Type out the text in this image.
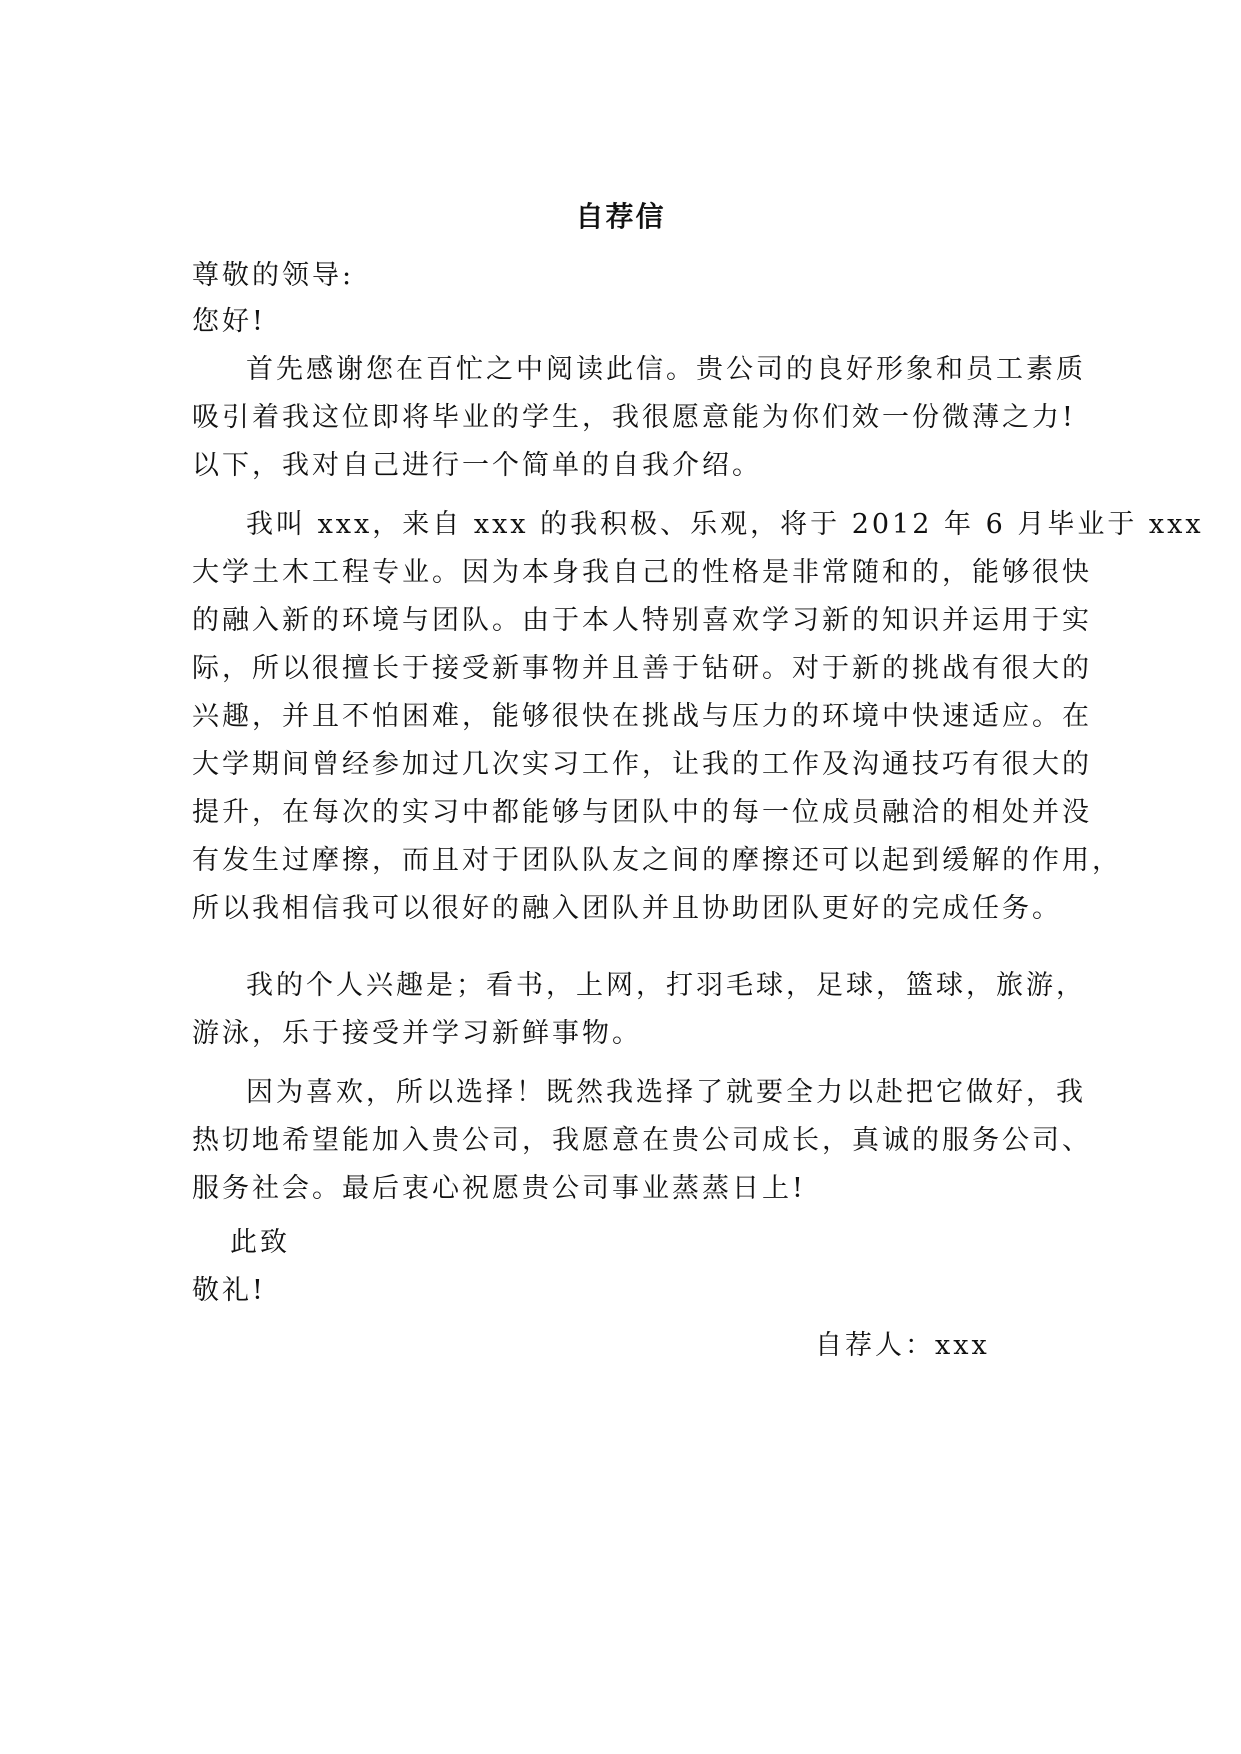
自荐信
尊敬的领导:
您好!
首先感谢您在百忙之中阅读此信。贵公司的良好形象和员工素质
吸引着我这位即将毕业的学生，我很愿意能为你们效一份微薄之力!
以下，我对自己进行一个简单的自我介绍。
我叫 xxx，来自 xxx 的我积极、乐观，将于 2012 年 6 月毕业于 xxx
大学土木工程专业。因为本身我自己的性格是非常随和的，能够很快
的融入新的环境与团队。由于本人特别喜欢学习新的知识并运用于实
际，所以很擅长于接受新事物并且善于钻研。对于新的挑战有很大的
兴趣，并且不怕困难，能够很快在挑战与压力的环境中快速适应。在
大学期间曾经参加过几次实习工作，让我的工作及沟通技巧有很大的
提升，在每次的实习中都能够与团队中的每一位成员融洽的相处并没
有发生过摩擦，而且对于团队队友之间的摩擦还可以起到缓解的作用，
所以我相信我可以很好的融入团队并且协助团队更好的完成任务。
我的个人兴趣是；看书，上网，打羽毛球，足球，篮球，旅游，
游泳，乐于接受并学习新鲜事物。
因为喜欢，所以选择！既然我选择了就要全力以赴把它做好，我
热切地希望能加入贵公司，我愿意在贵公司成长，真诚的服务公司、
服务社会。最后衷心祝愿贵公司事业蒸蒸日上!
此致
敬礼!
自荐人：xxx
